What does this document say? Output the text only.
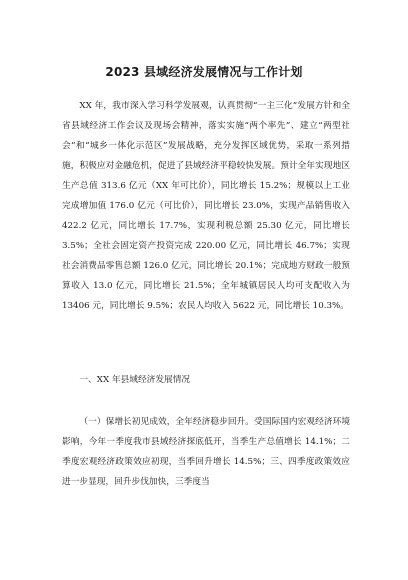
2023 县域经济发展情况与工作计划

XX 年，我市深入学习科学发展观，认真贯彻“一主三化”发展方针和全省县域经济工作会议及现场会精神，落实实施“两个率先”、建立“两型社会”和“城乡一体化示范区”发展战略，充分发挥区域优势，采取一系列措施，积极应对金融危机，促进了县域经济平稳较快发展。预计全年实现地区生产总值 313.6 亿元（XX 年可比价），同比增长 15.2%；规模以上工业完成增加值 176.0 亿元（可比价），同比增长 23.0%，实现产品销售收入 422.2 亿元，同比增长 17.7%，实现利税总额 25.30 亿元，同比增长 3.5%；全社会固定资产投资完成 220.00 亿元，同比增长 46.7%；实现社会消费品零售总额 126.0 亿元，同比增长 20.1%；完成地方财政一般预算收入 13.0 亿元，同比增长 21.5%；全年城镇居民人均可支配收入为 13406 元，同比增长 9.5%；农民人均收入 5622 元，同比增长 10.3%。

一、XX 年县域经济发展情况

（一）保增长初见成效，全年经济稳步回升。受国际国内宏观经济环境影响，今年一季度我市县域经济探底低开，当季生产总值增长 14.1%；二季度宏观经济政策效应初现，当季回升增长 14.5%；三、四季度政策效应进一步显现，回升步伐加快，三季度当
